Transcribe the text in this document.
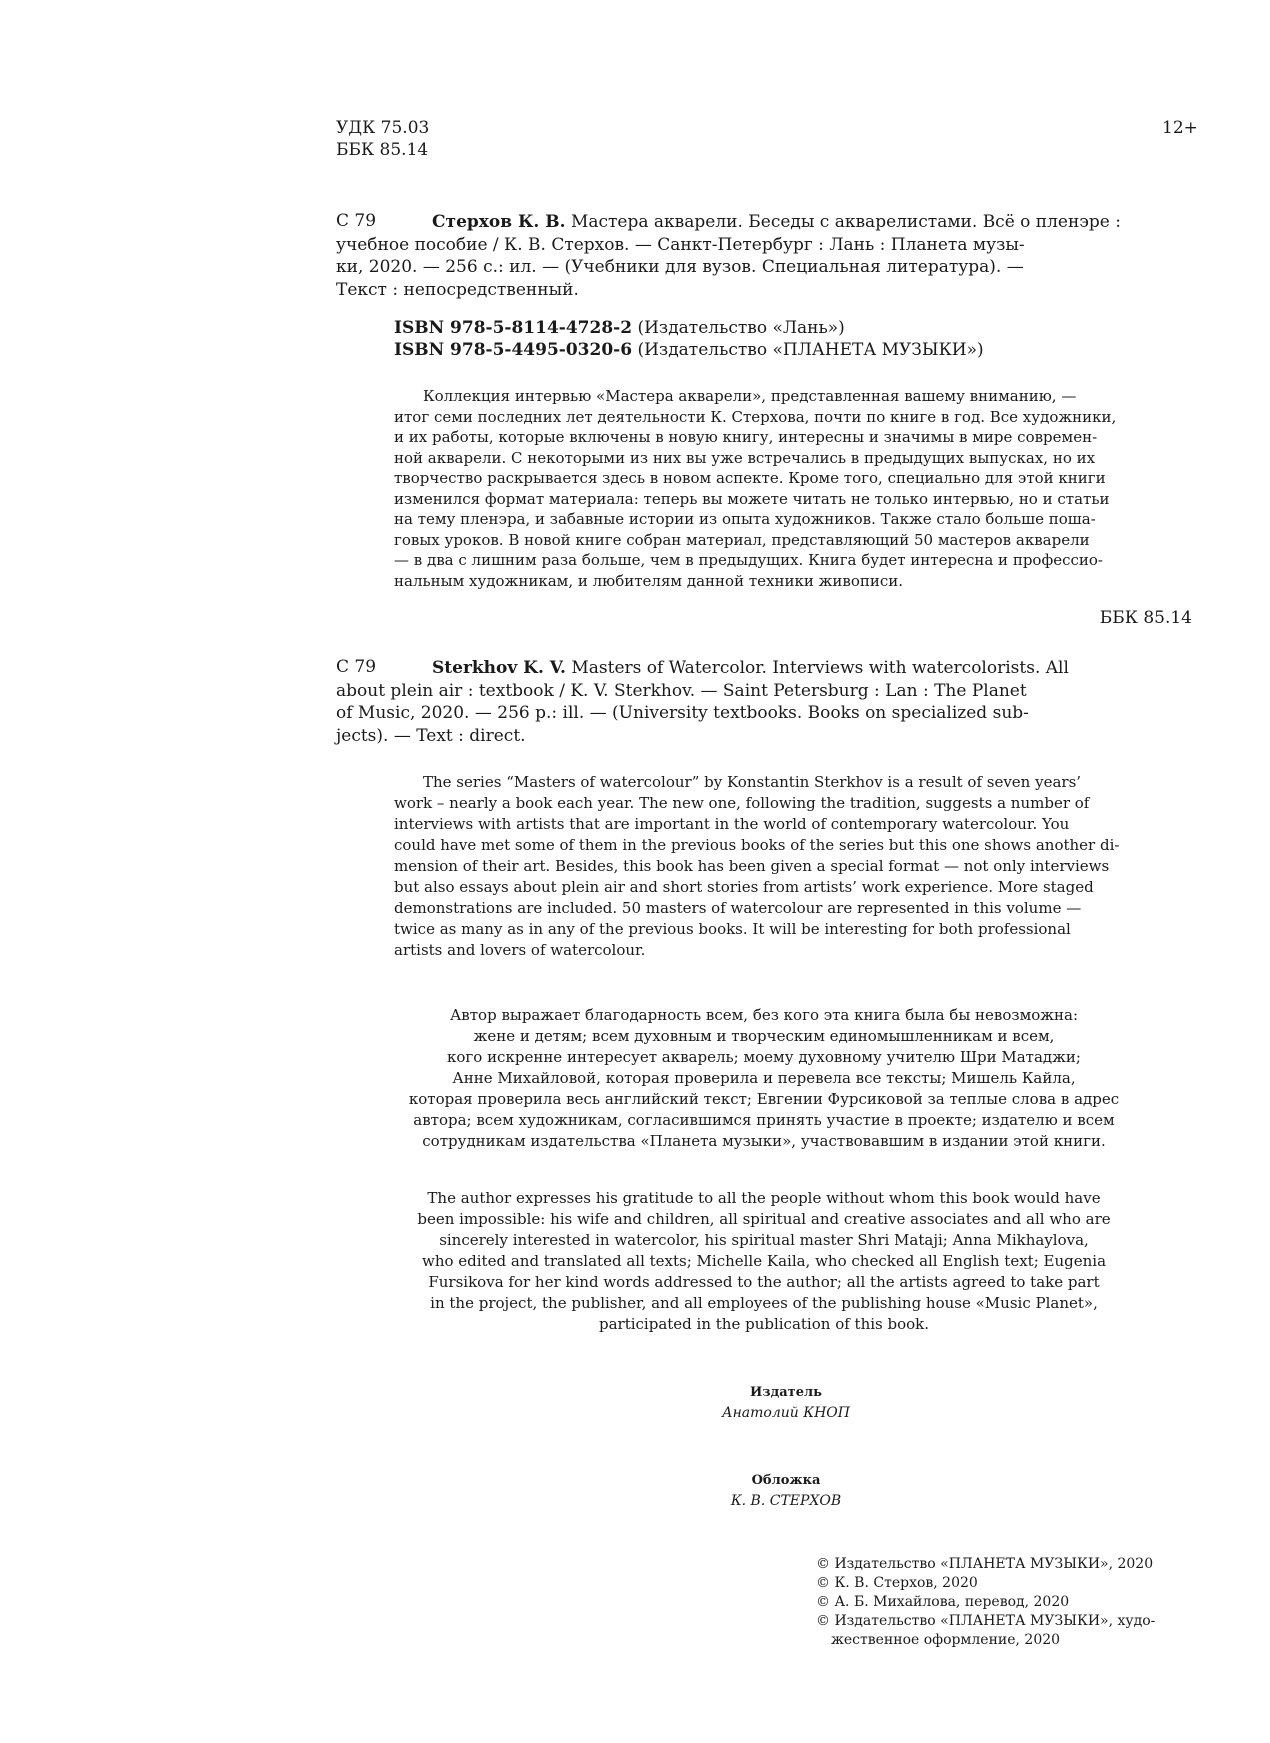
УДК 75.03
ББК 85.14
12+
С 79	Стерхов К. В. Мастера акварели. Беседы с акварелистами. Всё о пленэре :
учебное пособие / К. В. Стерхов. — Санкт-Петербург : Лань : Планета музы-
ки, 2020. — 256 с.: ил. — (Учебники для вузов. Специальная литература). —
Текст : непосредственный.
ISBN 978-5-8114-4728-2 (Издательство «Лань»)
ISBN 978-5-4495-0320-6 (Издательство «ПЛАНЕТА МУЗЫКИ»)
Коллекция интервью «Мастера акварели», представленная вашему вниманию, —
итог семи последних лет деятельности К. Стерхова, почти по книге в год. Все художники,
и их работы, которые включены в новую книгу, интересны и значимы в мире современ-
ной акварели. С некоторыми из них вы уже встречались в предыдущих выпусках, но их
творчество раскрывается здесь в новом аспекте. Кроме того, специально для этой книги
изменился формат материала: теперь вы можете читать не только интервью, но и статьи
на тему пленэра, и забавные истории из опыта художников. Также стало больше поша-
говых уроков. В новой книге собран материал, представляющий 50 мастеров акварели
— в два с лишним раза больше, чем в предыдущих. Книга будет интересна и профессио-
нальным художникам, и любителям данной техники живописи.
ББК 85.14
С 79	Sterkhov K. V. Masters of Watercolor. Interviews with watercolorists. All
about plein air : textbook / K. V. Sterkhov. — Saint Petersburg : Lan : The Planet
of Music, 2020. — 256 p.: ill. — (University textbooks. Books on specialized sub-
jects). — Text : direct.
The series “Masters of watercolour” by Konstantin Sterkhov is a result of seven years’
work – nearly a book each year. The new one, following the tradition, suggests a number of
interviews with artists that are important in the world of contemporary watercolour. You
could have met some of them in the previous books of the series but this one shows another di-
mension of their art. Besides, this book has been given a special format — not only interviews
but also essays about plein air and short stories from artists’ work experience. More staged
demonstrations are included. 50 masters of watercolour are represented in this volume —
twice as many as in any of the previous books. It will be interesting for both professional
artists and lovers of watercolour.
Автор выражает благодарность всем, без кого эта книга была бы невозможна:
жене и детям; всем духовным и творческим единомышленникам и всем,
кого искренне интересует акварель; моему духовному учителю Шри Матаджи;
Анне Михайловой, которая проверила и перевела все тексты; Мишель Кайла,
которая проверила весь английский текст; Евгении Фурсиковой за теплые слова в адрес
автора; всем художникам, согласившимся принять участие в проекте; издателю и всем
сотрудникам издательства «Планета музыки», участвовавшим в издании этой книги.
The author expresses his gratitude to all the people without whom this book would have
been impossible: his wife and children, all spiritual and creative associates and all who are
sincerely interested in watercolor, his spiritual master Shri Mataji; Anna Mikhaylova,
who edited and translated all texts; Michelle Kaila, who checked all English text; Eugenia
Fursikova for her kind words addressed to the author; all the artists agreed to take part
in the project, the publisher, and all employees of the publishing house «Music Planet»,
participated in the publication of this book.
Издатель
Анатолий КНОП
Обложка
К. В. СТЕРХОВ
© Издательство «ПЛАНЕТА МУЗЫКИ», 2020
© К. В. Стерхов, 2020
© А. Б. Михайлова, перевод, 2020
© Издательство «ПЛАНЕТА МУЗЫКИ», худо-
жественное оформление, 2020
